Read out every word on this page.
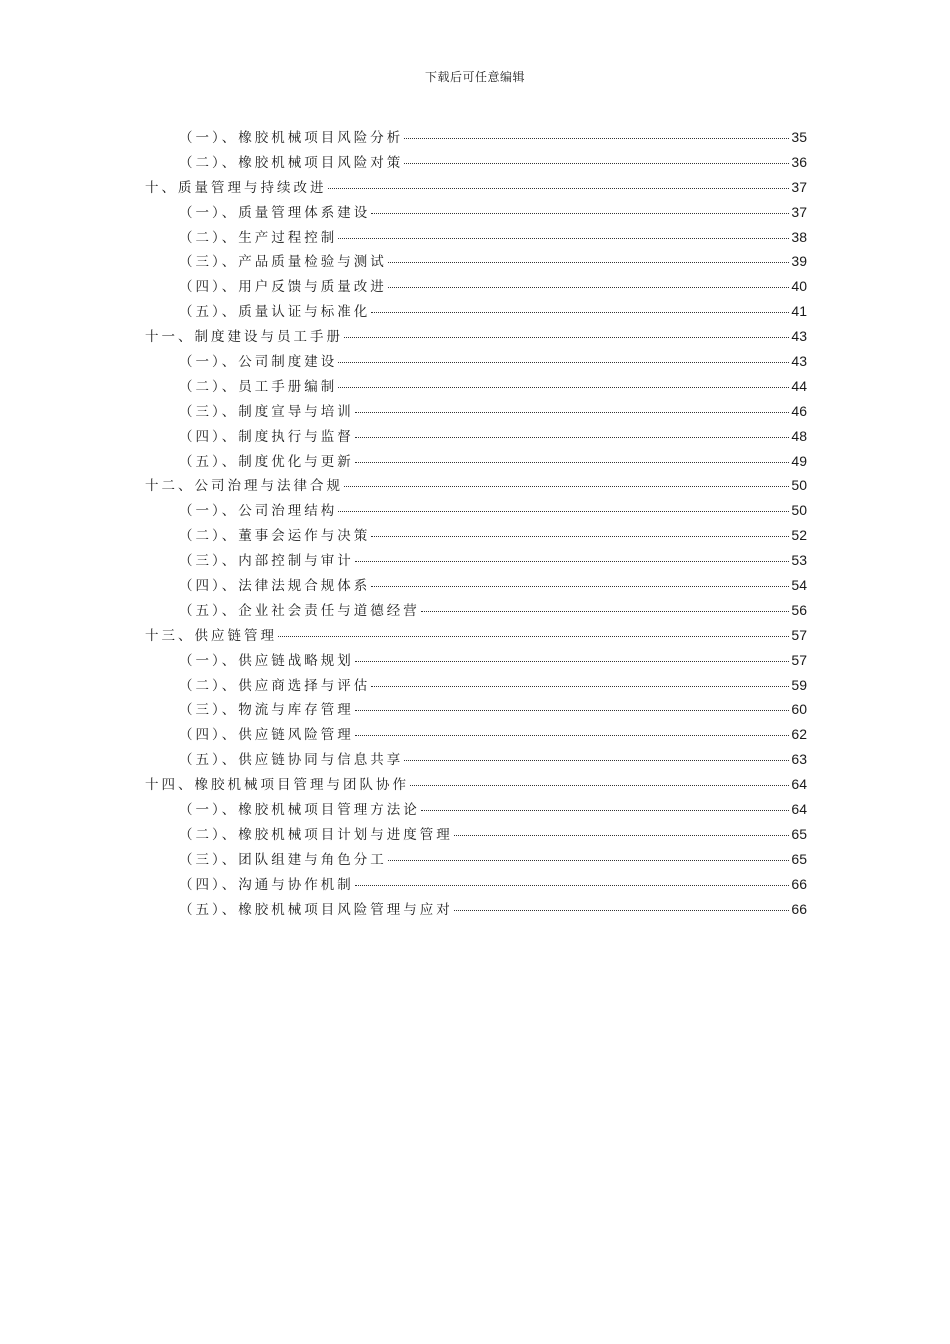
下载后可任意编辑
（一）、橡胶机械项目风险分析	35
（二）、橡胶机械项目风险对策	36
十、质量管理与持续改进	37
（一）、质量管理体系建设	37
（二）、生产过程控制	38
（三）、产品质量检验与测试	39
（四）、用户反馈与质量改进	40
（五）、质量认证与标准化	41
十一、制度建设与员工手册	43
（一）、公司制度建设	43
（二）、员工手册编制	44
（三）、制度宣导与培训	46
（四）、制度执行与监督	48
（五）、制度优化与更新	49
十二、公司治理与法律合规	50
（一）、公司治理结构	50
（二）、董事会运作与决策	52
（三）、内部控制与审计	53
（四）、法律法规合规体系	54
（五）、企业社会责任与道德经营	56
十三、供应链管理	57
（一）、供应链战略规划	57
（二）、供应商选择与评估	59
（三）、物流与库存管理	60
（四）、供应链风险管理	62
（五）、供应链协同与信息共享	63
十四、橡胶机械项目管理与团队协作	64
（一）、橡胶机械项目管理方法论	64
（二）、橡胶机械项目计划与进度管理	65
（三）、团队组建与角色分工	65
（四）、沟通与协作机制	66
（五）、橡胶机械项目风险管理与应对	66
